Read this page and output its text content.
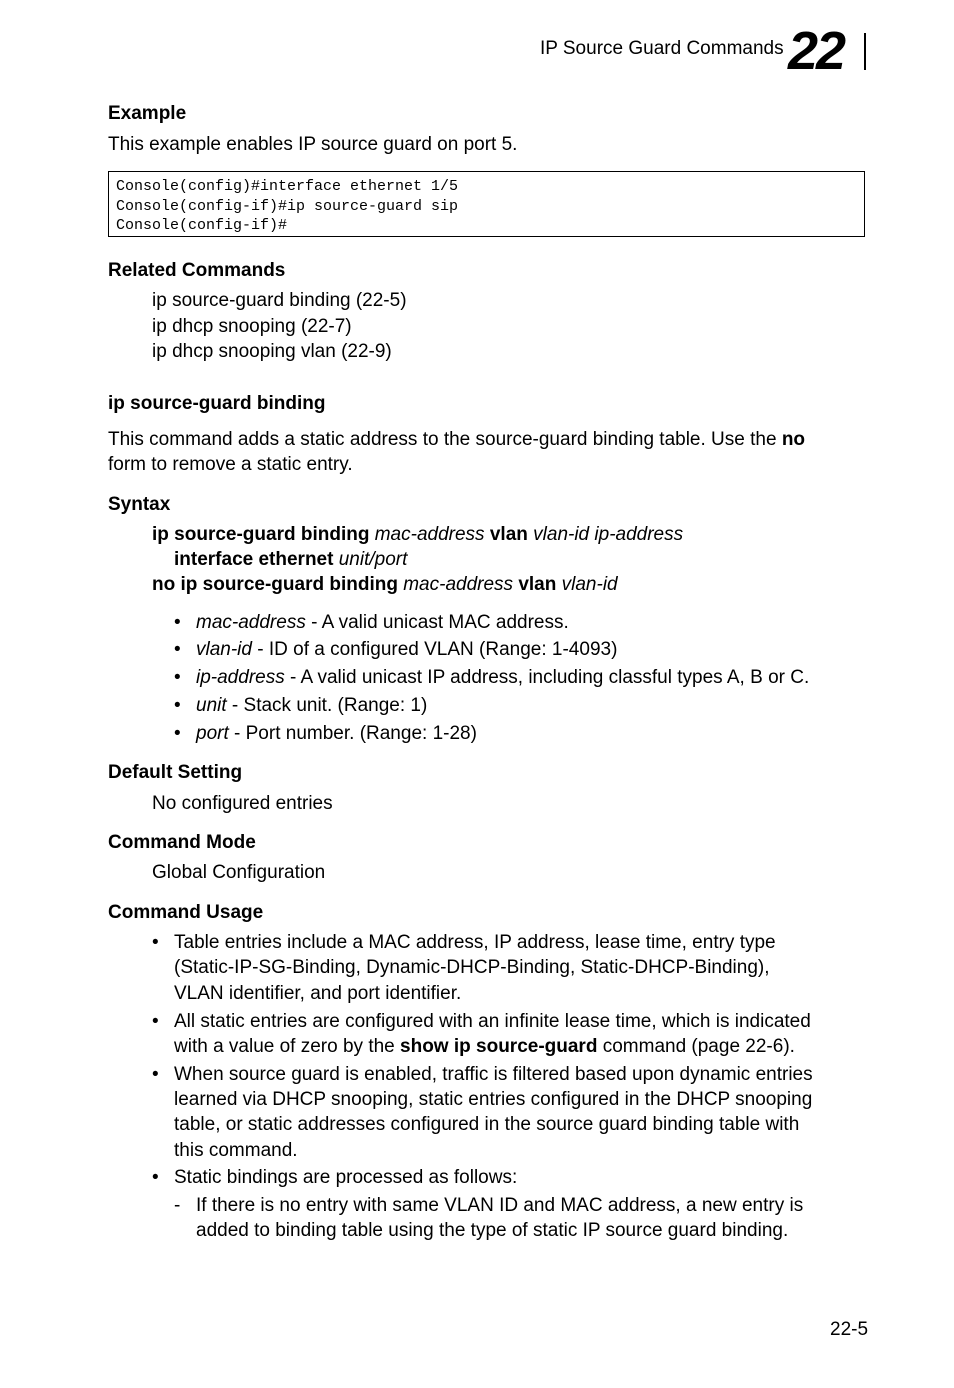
IP Source Guard Commands 22
Example
This example enables IP source guard on port 5.
Console(config)#interface ethernet 1/5
Console(config-if)#ip source-guard sip
Console(config-if)#
Related Commands
ip source-guard binding (22-5)
ip dhcp snooping (22-7)
ip dhcp snooping vlan (22-9)
ip source-guard binding
This command adds a static address to the source-guard binding table. Use the no
form to remove a static entry.
Syntax
ip source-guard binding mac-address vlan vlan-id ip-address
interface ethernet unit/port
no ip source-guard binding mac-address vlan vlan-id
• mac-address - A valid unicast MAC address.
• vlan-id - ID of a configured VLAN (Range: 1-4093)
• ip-address - A valid unicast IP address, including classful types A, B or C.
• unit - Stack unit. (Range: 1)
• port - Port number. (Range: 1-28)
Default Setting
No configured entries
Command Mode
Global Configuration
Command Usage
• Table entries include a MAC address, IP address, lease time, entry type
(Static-IP-SG-Binding, Dynamic-DHCP-Binding, Static-DHCP-Binding),
VLAN identifier, and port identifier.
• All static entries are configured with an infinite lease time, which is indicated
with a value of zero by the show ip source-guard command (page 22-6).
• When source guard is enabled, traffic is filtered based upon dynamic entries
learned via DHCP snooping, static entries configured in the DHCP snooping
table, or static addresses configured in the source guard binding table with
this command.
• Static bindings are processed as follows:
- If there is no entry with same VLAN ID and MAC address, a new entry is
added to binding table using the type of static IP source guard binding.
22-5
